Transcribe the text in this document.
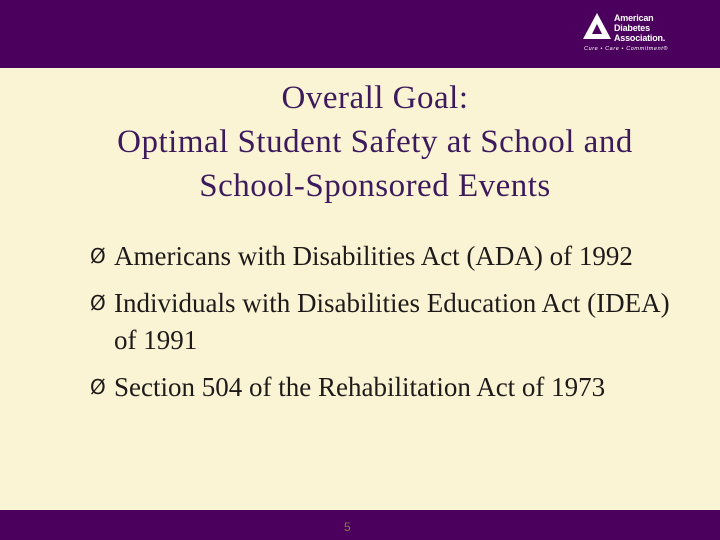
American
Diabetes
Association.
Cure • Care • Commitment®
Overall Goal:
Optimal Student Safety at School and
School-Sponsored Events
Ø Americans with Disabilities Act (ADA) of 1992
Ø Individuals with Disabilities Education Act (IDEA) of 1991
Ø Section 504 of the Rehabilitation Act of 1973
5
